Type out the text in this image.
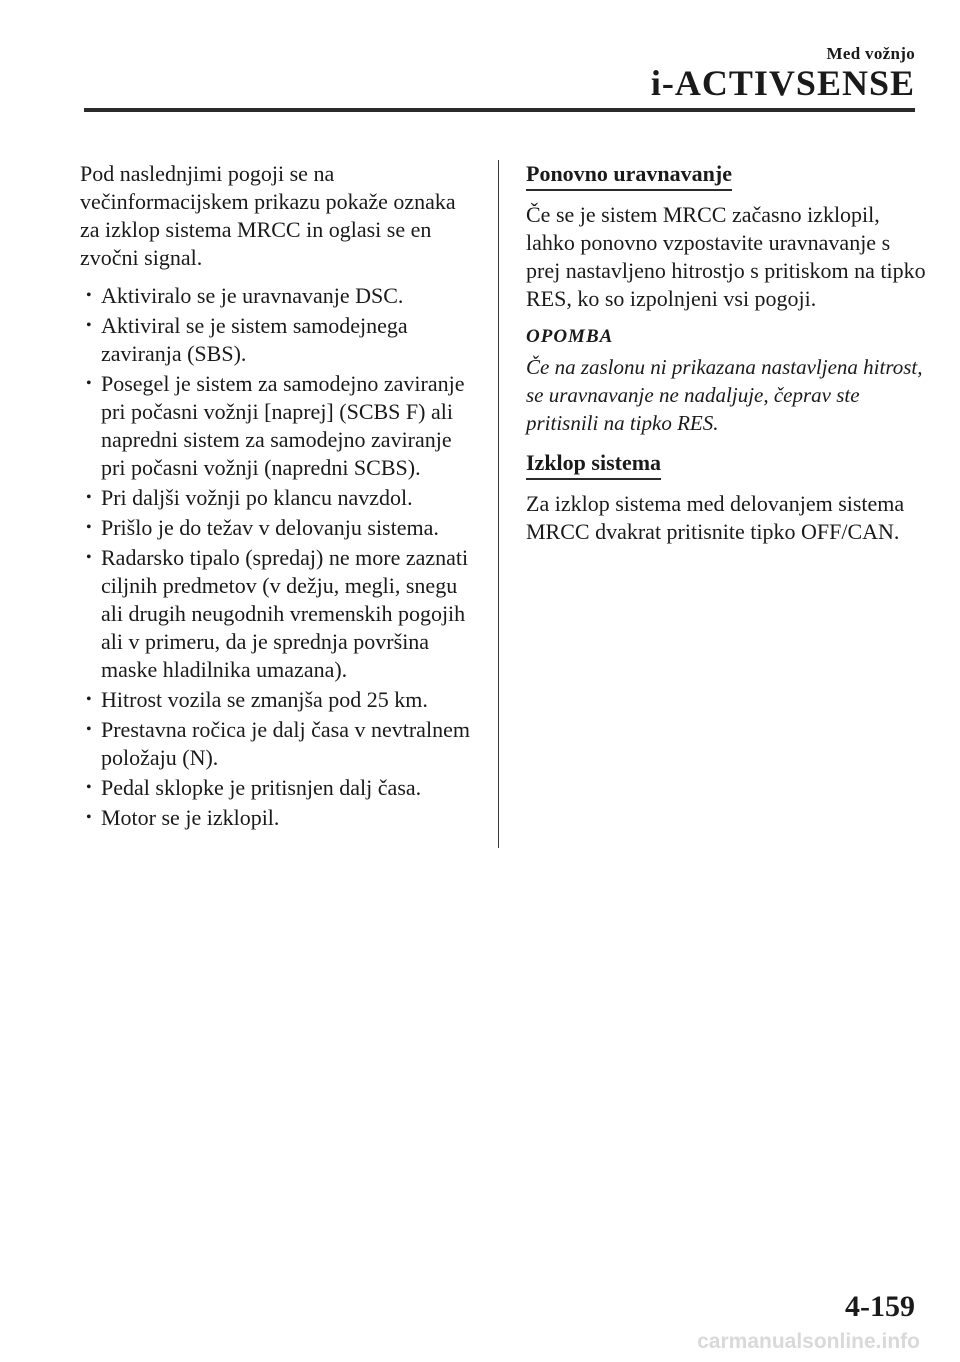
Med vožnjo
i-ACTIVSENSE

Pod naslednjimi pogoji se na večinformacijskem prikazu pokaže oznaka za izklop sistema MRCC in oglasi se en zvočni signal.

• Aktiviralo se je uravnavanje DSC.
• Aktiviral se je sistem samodejnega zaviranja (SBS).
• Posegel je sistem za samodejno zaviranje pri počasni vožnji [naprej] (SCBS F) ali napredni sistem za samodejno zaviranje pri počasni vožnji (napredni SCBS).
• Pri daljši vožnji po klancu navzdol.
• Prišlo je do težav v delovanju sistema.
• Radarsko tipalo (spredaj) ne more zaznati ciljnih predmetov (v dežju, megli, snegu ali drugih neugodnih vremenskih pogojih ali v primeru, da je sprednja površina maske hladilnika umazana).
• Hitrost vozila se zmanjša pod 25 km.
• Prestavna ročica je dalj časa v nevtralnem položaju (N).
• Pedal sklopke je pritisnjen dalj časa.
• Motor se je izklopil.
Ponovno uravnavanje

Če se je sistem MRCC začasno izklopil, lahko ponovno vzpostavite uravnavanje s prej nastavljeno hitrostjo s pritiskom na tipko RES, ko so izpolnjeni vsi pogoji.

OPOMBA

Če na zaslonu ni prikazana nastavljena hitrost, se uravnavanje ne nadaljuje, čeprav ste pritisnili na tipko RES.

Izklop sistema

Za izklop sistema med delovanjem sistema MRCC dvakrat pritisnite tipko OFF/CAN.

4-159
carmanualsonline.info
